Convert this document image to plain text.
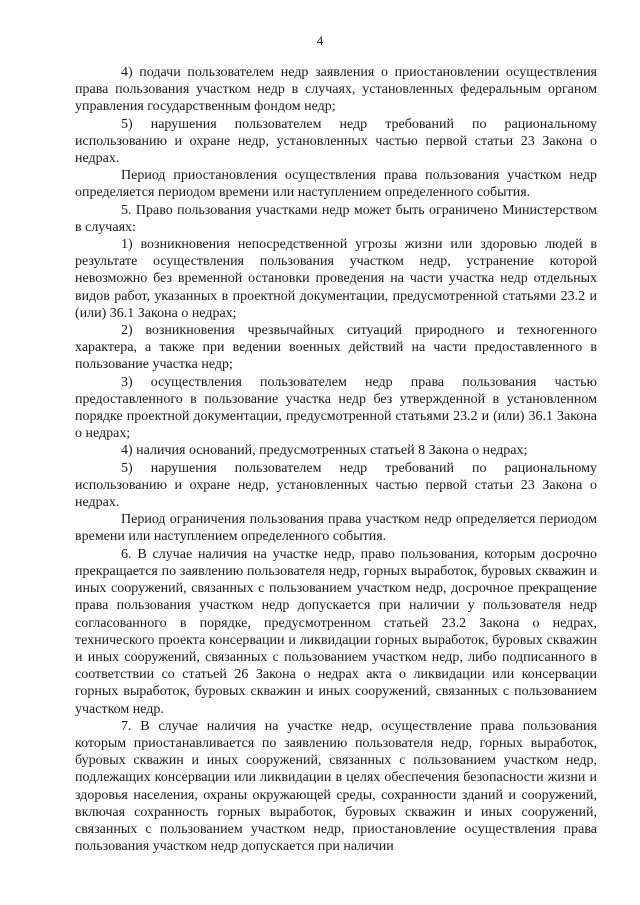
4

4) подачи пользователем недр заявления о приостановлении осуществления права пользования участком недр в случаях, установленных федеральным органом управления государственным фондом недр;

5) нарушения пользователем недр требований по рациональному использованию и охране недр, установленных частью первой статьи 23 Закона о недрах.

Период приостановления осуществления права пользования участком недр определяется периодом времени или наступлением определенного события.

5. Право пользования участками недр может быть ограничено Министерством в случаях:

1) возникновения непосредственной угрозы жизни или здоровью людей в результате осуществления пользования участком недр, устранение которой невозможно без временной остановки проведения на части участка недр отдельных видов работ, указанных в проектной документации, предусмотренной статьями 23.2 и (или) 36.1 Закона о недрах;

2) возникновения чрезвычайных ситуаций природного и техногенного характера, а также при ведении военных действий на части предоставленного в пользование участка недр;

3) осуществления пользователем недр права пользования частью предоставленного в пользование участка недр без утвержденной в установленном порядке проектной документации, предусмотренной статьями 23.2 и (или) 36.1 Закона о недрах;

4) наличия оснований, предусмотренных статьей 8 Закона о недрах;

5) нарушения пользователем недр требований по рациональному использованию и охране недр, установленных частью первой статьи 23 Закона о недрах.

Период ограничения пользования права участком недр определяется периодом времени или наступлением определенного события.

6. В случае наличия на участке недр, право пользования, которым досрочно прекращается по заявлению пользователя недр, горных выработок, буровых скважин и иных сооружений, связанных с пользованием участком недр, досрочное прекращение права пользования участком недр допускается при наличии у пользователя недр согласованного в порядке, предусмотренном статьей 23.2 Закона о недрах, технического проекта консервации и ликвидации горных выработок, буровых скважин и иных сооружений, связанных с пользованием участком недр, либо подписанного в соответствии со статьей 26 Закона о недрах акта о ликвидации или консервации горных выработок, буровых скважин и иных сооружений, связанных с пользованием участком недр.

7. В случае наличия на участке недр, осуществление права пользования которым приостанавливается по заявлению пользователя недр, горных выработок, буровых скважин и иных сооружений, связанных с пользованием участком недр, подлежащих консервации или ликвидации в целях обеспечения безопасности жизни и здоровья населения, охраны окружающей среды, сохранности зданий и сооружений, включая сохранность горных выработок, буровых скважин и иных сооружений, связанных с пользованием участком недр, приостановление осуществления права пользования участком недр допускается при наличии
